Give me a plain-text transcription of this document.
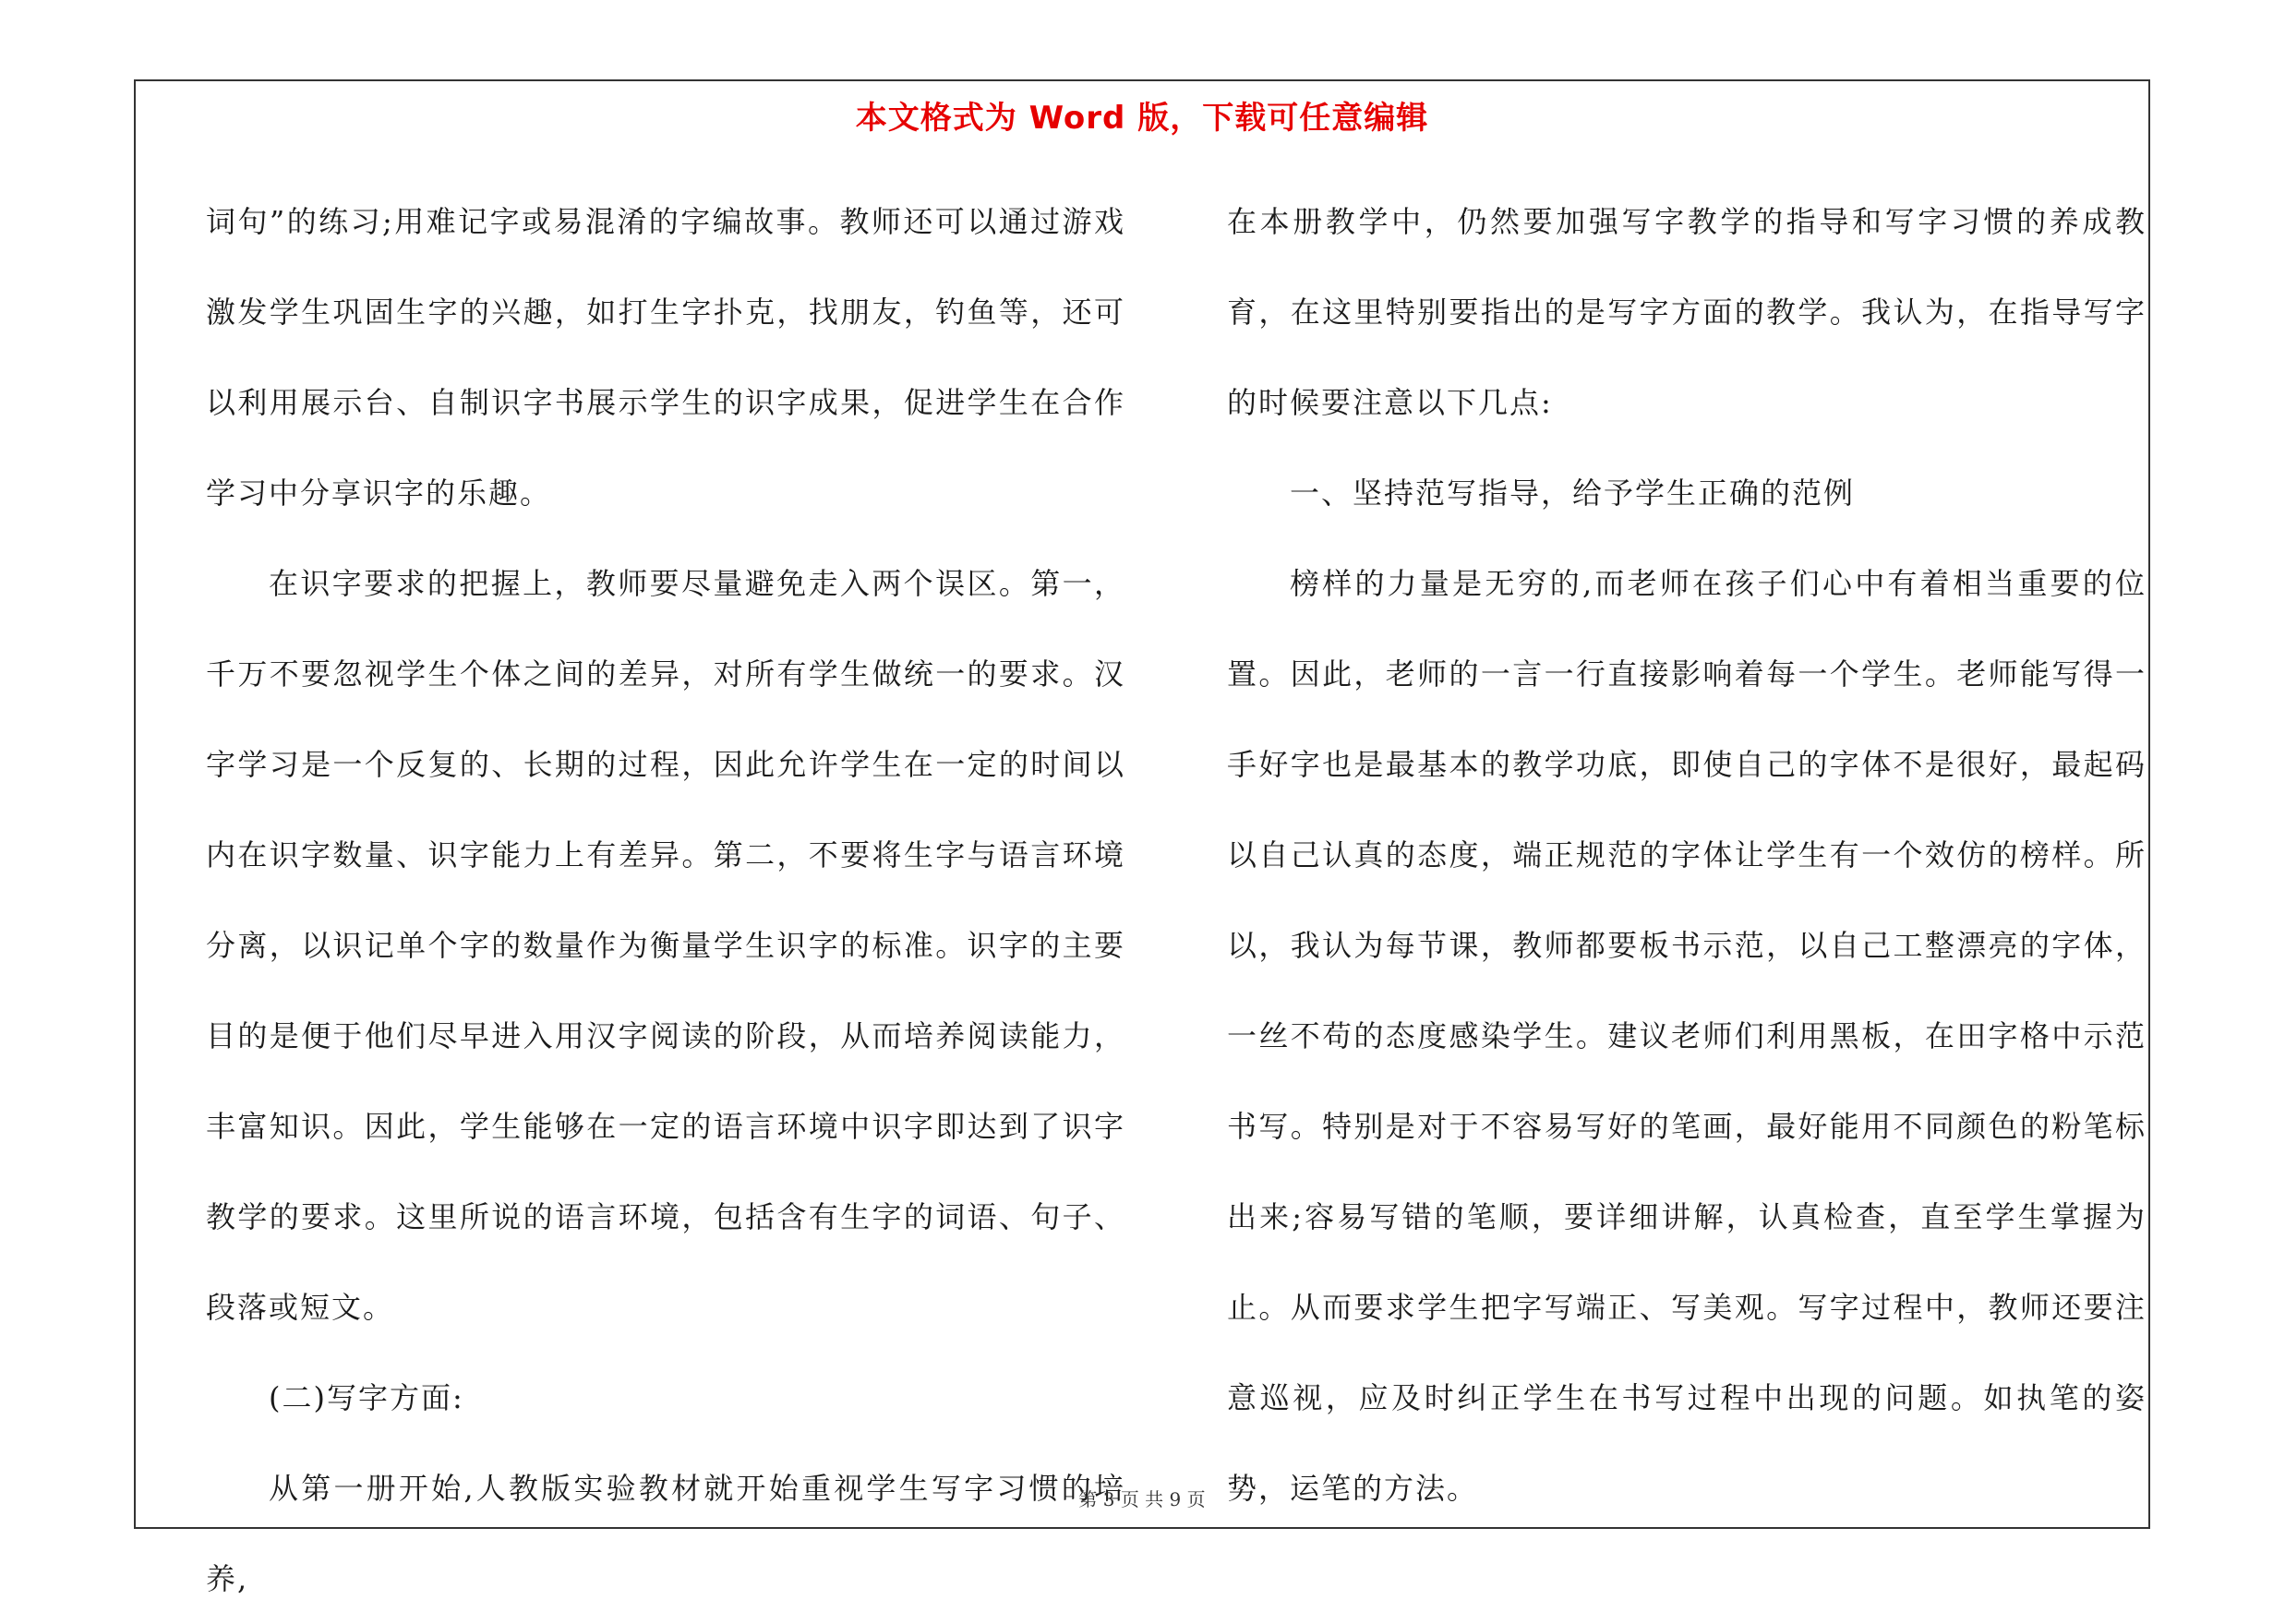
本文格式为 Word 版，下载可任意编辑

词句”的练习;用难记字或易混淆的字编故事。教师还可以通过游戏激发学生巩固生字的兴趣，如打生字扑克，找朋友，钓鱼等，还可以利用展示台、自制识字书展示学生的识字成果，促进学生在合作学习中分享识字的乐趣。

在识字要求的把握上，教师要尽量避免走入两个误区。第一，千万不要忽视学生个体之间的差异，对所有学生做统一的要求。汉字学习是一个反复的、长期的过程，因此允许学生在一定的时间以内在识字数量、识字能力上有差异。第二，不要将生字与语言环境分离，以识记单个字的数量作为衡量学生识字的标准。识字的主要目的是便于他们尽早进入用汉字阅读的阶段，从而培养阅读能力，丰富知识。因此，学生能够在一定的语言环境中识字即达到了识字教学的要求。这里所说的语言环境，包括含有生字的词语、句子、段落或短文。

(二)写字方面:

从第一册开始,人教版实验教材就开始重视学生写字习惯的培养,

在本册教学中，仍然要加强写字教学的指导和写字习惯的养成教育，在这里特别要指出的是写字方面的教学。我认为，在指导写字的时候要注意以下几点:

一、坚持范写指导，给予学生正确的范例

榜样的力量是无穷的,而老师在孩子们心中有着相当重要的位置。因此，老师的一言一行直接影响着每一个学生。老师能写得一手好字也是最基本的教学功底，即使自己的字体不是很好，最起码以自己认真的态度，端正规范的字体让学生有一个效仿的榜样。所以，我认为每节课，教师都要板书示范，以自己工整漂亮的字体，一丝不苟的态度感染学生。建议老师们利用黑板，在田字格中示范书写。特别是对于不容易写好的笔画，最好能用不同颜色的粉笔标出来;容易写错的笔顺，要详细讲解，认真检查，直至学生掌握为止。从而要求学生把字写端正、写美观。写字过程中，教师还要注意巡视，应及时纠正学生在书写过程中出现的问题。如执笔的姿势，运笔的方法。

第 3 页 共 9 页
